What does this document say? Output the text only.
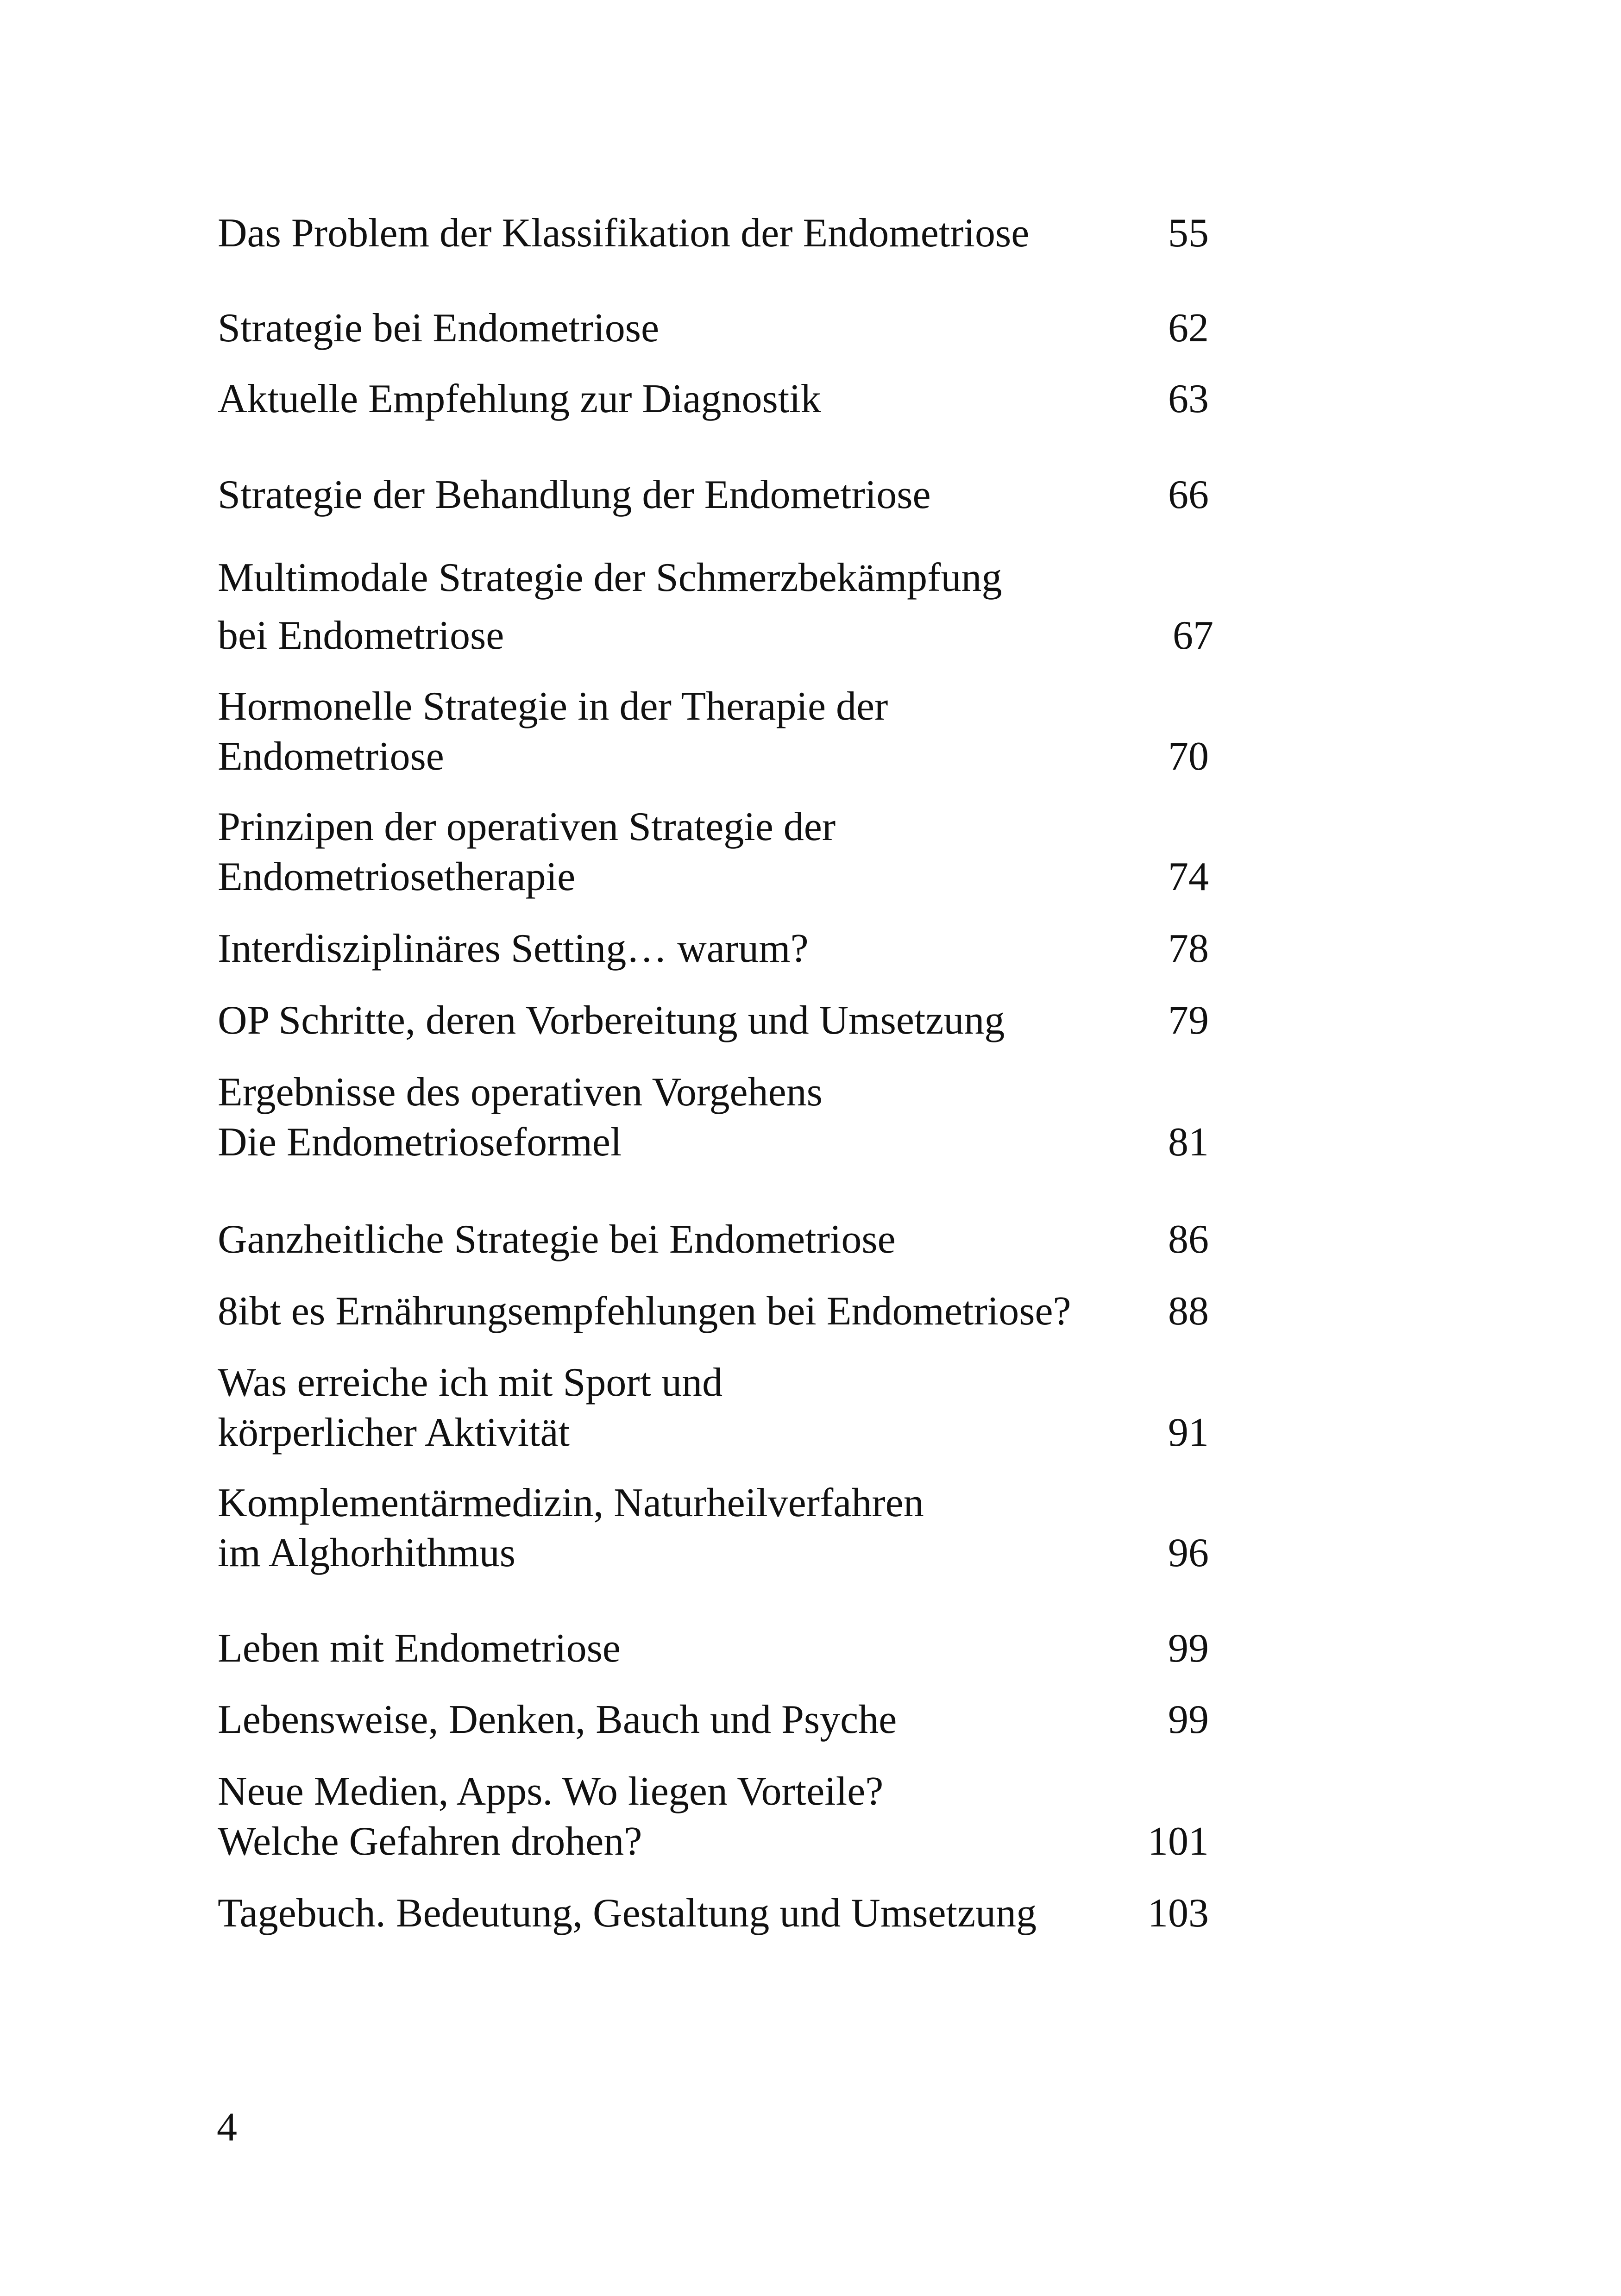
Das Problem der Klassifikation der Endometriose	55
Strategie bei Endometriose	62
Aktuelle Empfehlung zur Diagnostik	63
Strategie der Behandlung der Endometriose	66
Multimodale Strategie der Schmerzbekämpfung
bei Endometriose	67
Hormonelle Strategie in der Therapie der
Endometriose	70
Prinzipen der operativen Strategie der
Endometriosetherapie	74
Interdisziplinäres Setting… warum?	78
OP Schritte, deren Vorbereitung und Umsetzung	79
Ergebnisse des operativen Vorgehens
Die Endometrioseformel	81
Ganzheitliche Strategie bei Endometriose	86
8ibt es Ernährungsempfehlungen bei Endometriose?	88
Was erreiche ich mit Sport und
körperlicher Aktivität	91
Komplementärmedizin, Naturheilverfahren
im Alghorhithmus	96
Leben mit Endometriose	99
Lebensweise, Denken, Bauch und Psyche	99
Neue Medien, Apps. Wo liegen Vorteile?
Welche Gefahren drohen?	101
Tagebuch. Bedeutung, Gestaltung und Umsetzung	103
4
